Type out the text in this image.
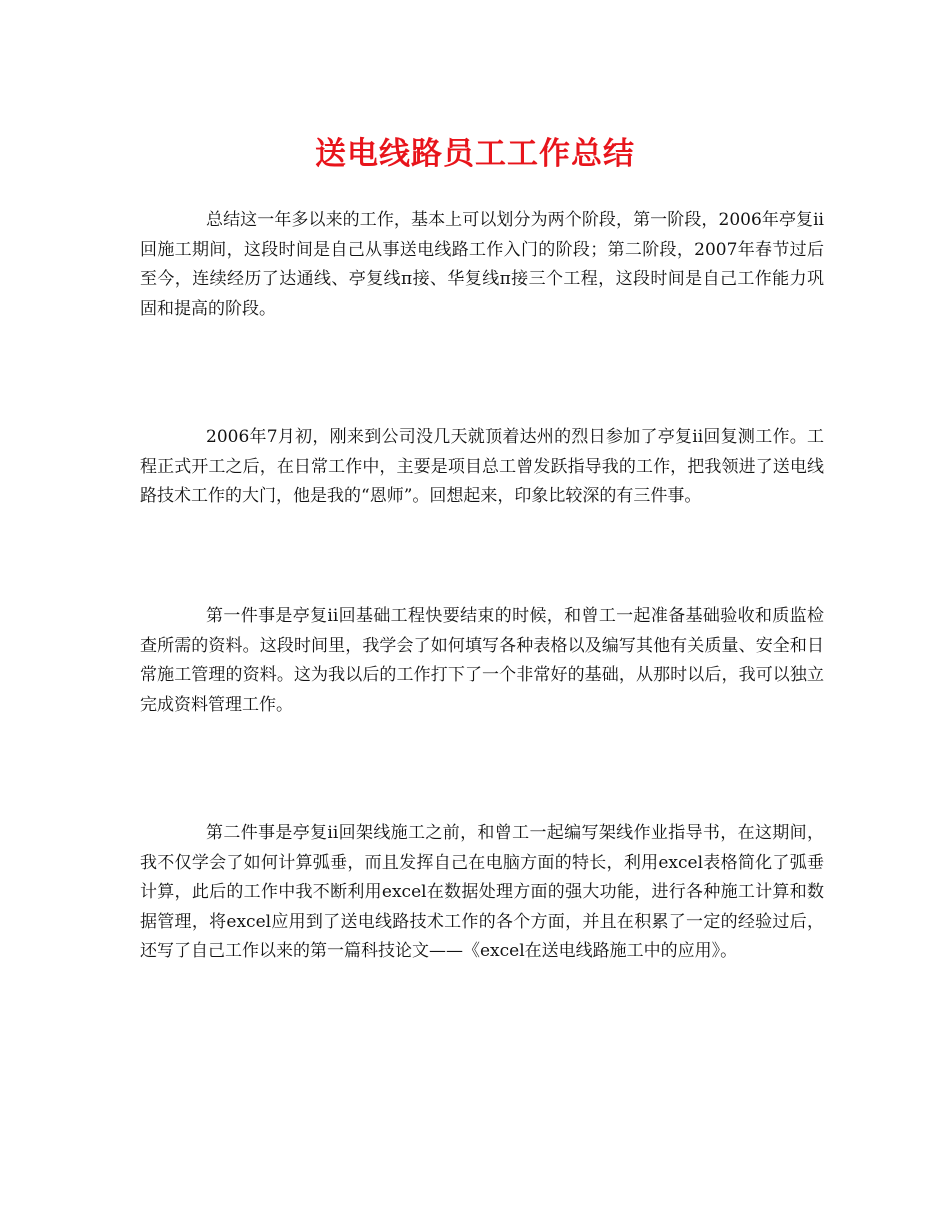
送电线路员工工作总结

总结这一年多以来的工作，基本上可以划分为两个阶段，第一阶段，2006年亭复ii回施工期间，这段时间是自己从事送电线路工作入门的阶段；第二阶段，2007年春节过后至今，连续经历了达通线、亭复线π接、华复线π接三个工程，这段时间是自己工作能力巩固和提高的阶段。

2006年7月初，刚来到公司没几天就顶着达州的烈日参加了亭复ii回复测工作。工程正式开工之后，在日常工作中，主要是项目总工曾发跃指导我的工作，把我领进了送电线路技术工作的大门，他是我的“恩师”。回想起来，印象比较深的有三件事。

第一件事是亭复ii回基础工程快要结束的时候，和曾工一起准备基础验收和质监检查所需的资料。这段时间里，我学会了如何填写各种表格以及编写其他有关质量、安全和日常施工管理的资料。这为我以后的工作打下了一个非常好的基础，从那时以后，我可以独立完成资料管理工作。

第二件事是亭复ii回架线施工之前，和曾工一起编写架线作业指导书，在这期间，我不仅学会了如何计算弧垂，而且发挥自己在电脑方面的特长，利用excel表格简化了弧垂计算，此后的工作中我不断利用excel在数据处理方面的强大功能，进行各种施工计算和数据管理，将excel应用到了送电线路技术工作的各个方面，并且在积累了一定的经验过后，还写了自己工作以来的第一篇科技论文——《excel在送电线路施工中的应用》。
